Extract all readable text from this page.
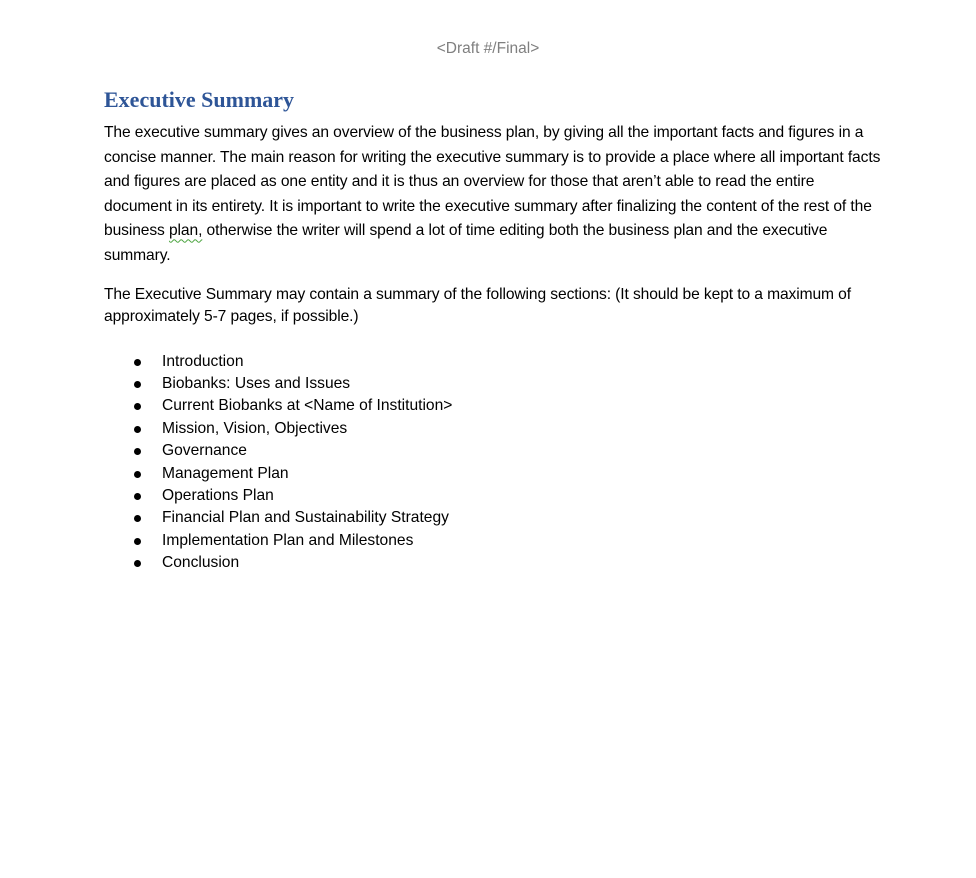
<Draft #/Final>
Executive Summary

The executive summary gives an overview of the business plan, by giving all the important facts and figures in a concise manner. The main reason for writing the executive summary is to provide a place where all important facts and figures are placed as one entity and it is thus an overview for those that aren’t able to read the entire document in its entirety. It is important to write the executive summary after finalizing the content of the rest of the business plan, otherwise the writer will spend a lot of time editing both the business plan and the executive summary.

The Executive Summary may contain a summary of the following sections: (It should be kept to a maximum of approximately 5-7 pages, if possible.)

Introduction
Biobanks: Uses and Issues
Current Biobanks at <Name of Institution>
Mission, Vision, Objectives
Governance
Management Plan
Operations Plan
Financial Plan and Sustainability Strategy
Implementation Plan and Milestones
Conclusion
